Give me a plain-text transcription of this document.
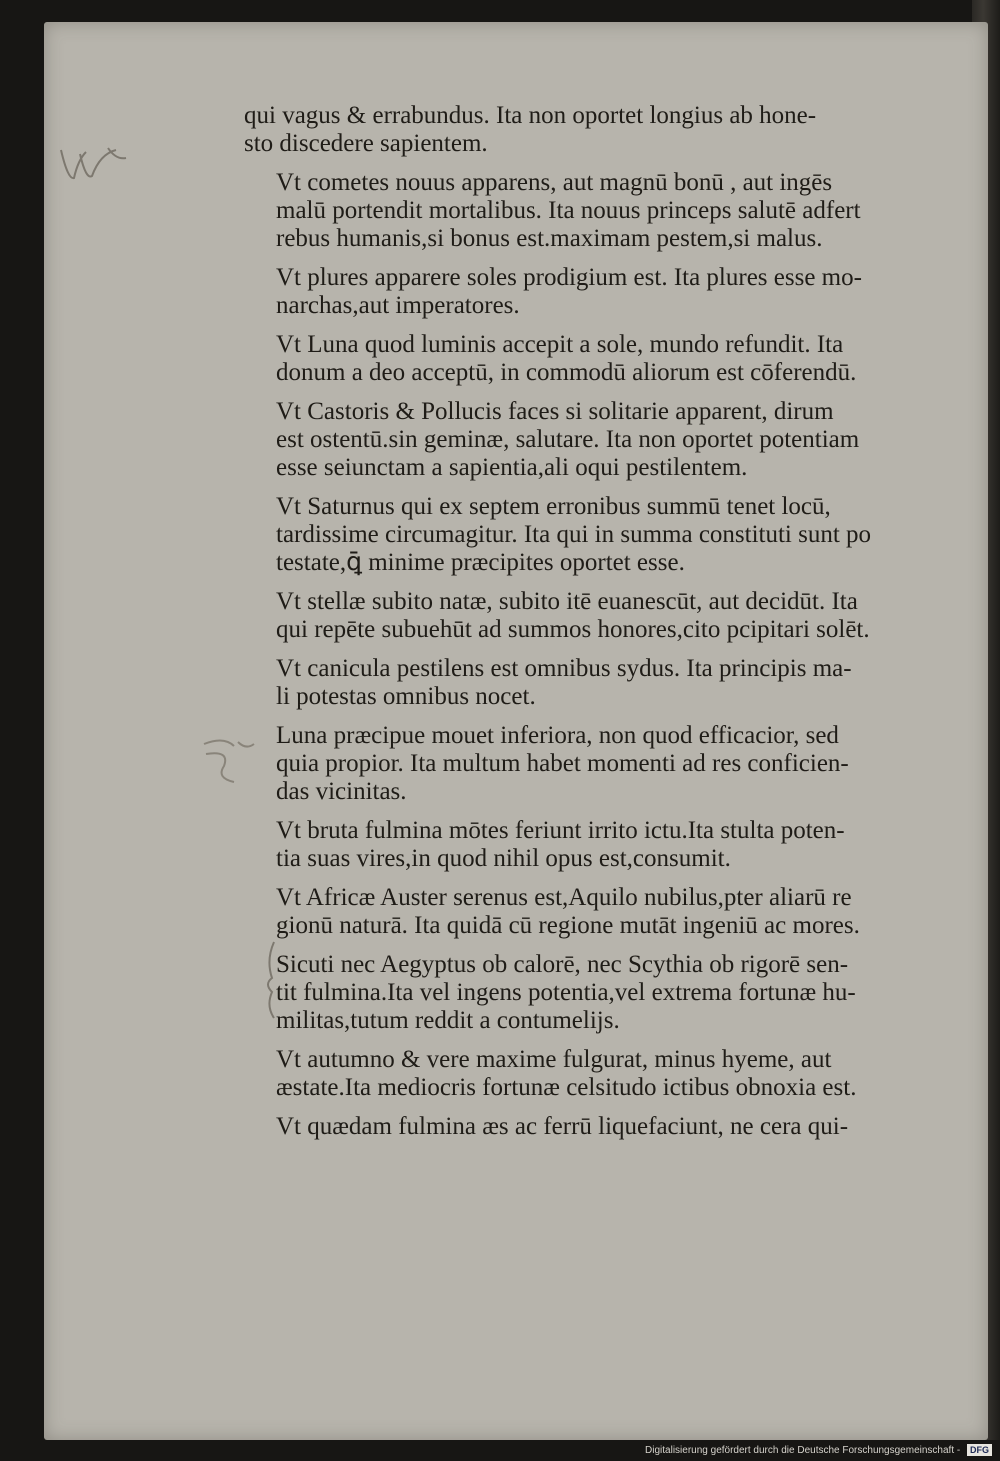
qui vagus & errabundus. Ita non oportet longius ab hone-
sto discedere sapientem.

Vt cometes nouus apparens, aut magnū bonū , aut ingēs
malū portendit mortalibus. Ita nouus princeps salutē adfert
rebus humanis,si bonus est.maximam pestem,si malus.

Vt plures apparere soles prodigium est. Ita plures esse mo-
narchas,aut imperatores.

Vt Luna quod luminis accepit a sole, mundo refundit. Ita
donum a deo acceptū, in commodū aliorum est cōferendū.

Vt Castoris & Pollucis faces si solitarie apparent, dirum
est ostentū.sin geminæ, salutare. Ita non oportet potentiam
esse seiunctam a sapientia,ali oqui pestilentem.

Vt Saturnus qui ex septem erronibus summū tenet locū,
tardissime circumagitur. Ita qui in summa constituti sunt po
testate,ꝗ̄ minime præcipites oportet esse.

Vt stellæ subito natæ, subito itē euanescūt, aut decidūt. Ita
qui repēte subuehūt ad summos honores,cito pcipitari solēt.

Vt canicula pestilens est omnibus sydus. Ita principis ma-
li potestas omnibus nocet.

Luna præcipue mouet inferiora, non quod efficacior, sed
quia propior. Ita multum habet momenti ad res conficien-
das vicinitas.

Vt bruta fulmina mōtes feriunt irrito ictu.Ita stulta poten-
tia suas vires,in quod nihil opus est,consumit.

Vt Africæ Auster serenus est,Aquilo nubilus,pter aliarū re
gionū naturā. Ita quidā cū regione mutāt ingeniū ac mores.

Sicuti nec Aegyptus ob calorē, nec Scythia ob rigorē sen-
tit fulmina.Ita vel ingens potentia,vel extrema fortunæ hu-
militas,tutum reddit a contumelijs.

Vt autumno & vere maxime fulgurat, minus hyeme, aut
æstate.Ita mediocris fortunæ celsitudo ictibus obnoxia est.

Vt quædam fulmina æs ac ferrū liquefaciunt, ne cera qui-

Digitalisierung gefördert durch die Deutsche Forschungsgemeinschaft - DFG
